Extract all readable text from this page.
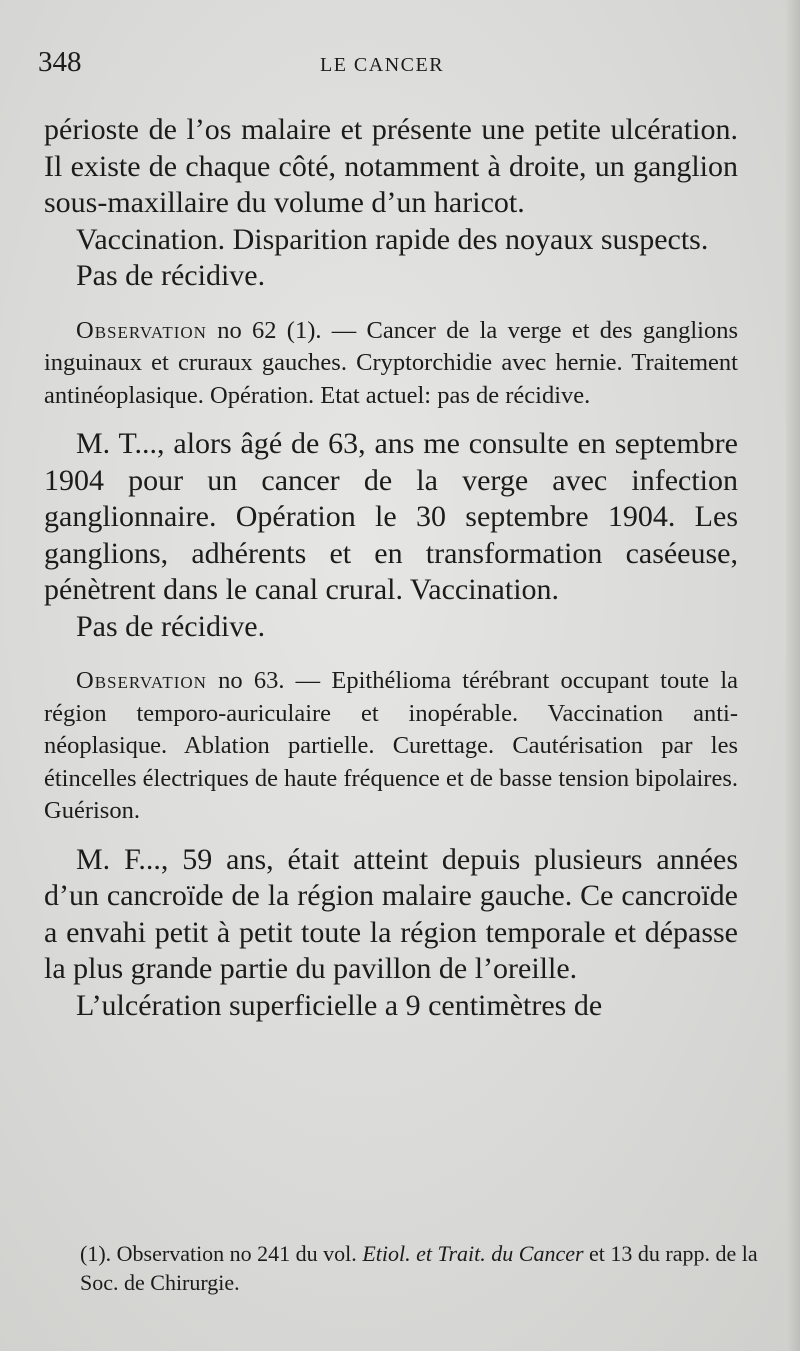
348	LE CANCER

périoste de l’os malaire et présente une petite ulcération. Il existe de chaque côté, notamment à droite, un ganglion sous-maxillaire du volume d’un haricot.

Vaccination. Disparition rapide des noyaux suspects.

Pas de récidive.

Observation no 62 (1). — Cancer de la verge et des ganglions inguinaux et cruraux gauches. Cryptorchidie avec hernie. Traitement antinéoplasique. Opération. Etat actuel: pas de récidive.

M. T..., alors âgé de 63, ans me consulte en septembre 1904 pour un cancer de la verge avec infection ganglionnaire. Opération le 30 septembre 1904. Les ganglions, adhérents et en transformation caséeuse, pénètrent dans le canal crural. Vaccination.

Pas de récidive.

Observation no 63. — Epithélioma térébrant occupant toute la région temporo-auriculaire et inopérable. Vaccination anti-néoplasique. Ablation partielle. Curettage. Cautérisation par les étincelles électriques de haute fréquence et de basse tension bipolaires. Guérison.

M. F..., 59 ans, était atteint depuis plusieurs années d’un cancroïde de la région malaire gauche. Ce cancroïde a envahi petit à petit toute la région temporale et dépasse la plus grande partie du pavillon de l’oreille.

L’ulcération superficielle a 9 centimètres de

(1). Observation no 241 du vol. Etiol. et Trait. du Cancer et 13 du rapp. de la Soc. de Chirurgie.
